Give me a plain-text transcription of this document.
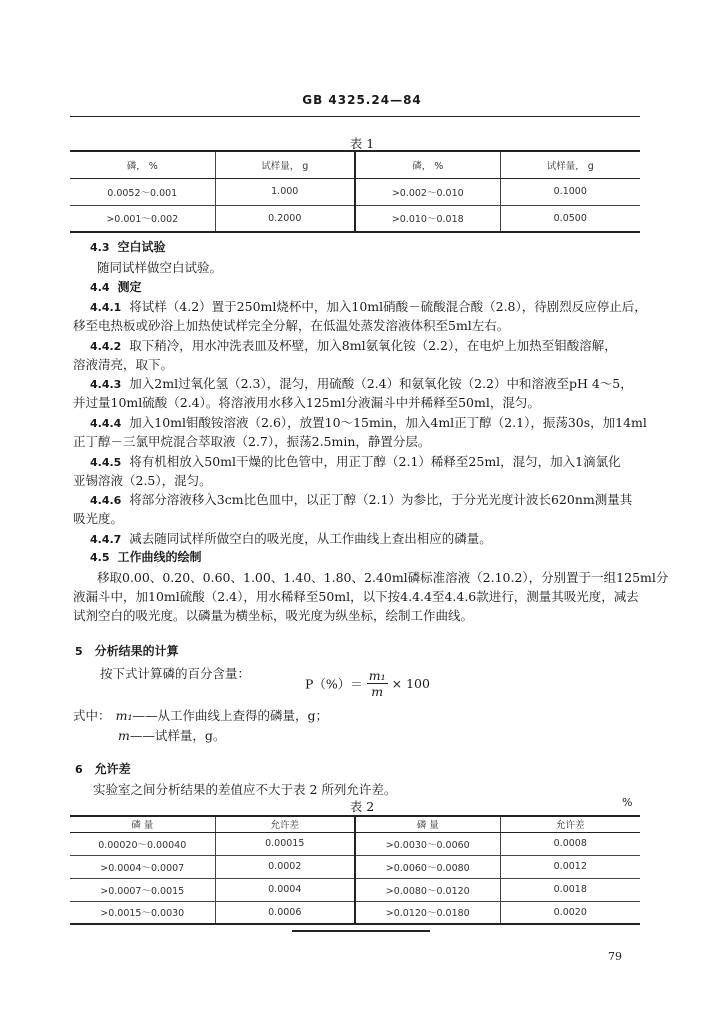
GB 4325.24—84
表 1
磷， %	试样量， g	磷， %	试样量， g
0.0052～0.001	1.000	>0.002～0.010	0.1000
>0.001～0.002	0.2000	>0.010～0.018	0.0500
4.3 空白试验
随同试样做空白试验。
4.4 测定
4.4.1 将试样（4.2）置于250ml烧杯中，加入10ml硝酸－硫酸混合酸（2.8），待剧烈反应停止后，
移至电热板或砂浴上加热使试样完全分解，在低温处蒸发溶液体积至5ml左右。
4.4.2 取下稍冷，用水冲洗表皿及杯壁，加入8ml氨氧化铵（2.2），在电炉上加热至钼酸溶解，
溶液清亮，取下。
4.4.3 加入2ml过氧化氢（2.3），混匀，用硫酸（2.4）和氨氧化铵（2.2）中和溶液至pH 4～5，
并过量10ml硫酸（2.4）。将溶液用水移入125ml分液漏斗中并稀释至50ml，混匀。
4.4.4 加入10ml钼酸铵溶液（2.6），放置10～15min，加入4ml正丁醇（2.1），振荡30s，加14ml
正丁醇－三氯甲烷混合萃取液（2.7），振荡2.5min，静置分层。
4.4.5 将有机相放入50ml干燥的比色管中，用正丁醇（2.1）稀释至25ml，混匀，加入1滴氯化
亚锡溶液（2.5），混匀。
4.4.6 将部分溶液移入3cm比色皿中，以正丁醇（2.1）为参比，于分光光度计波长620nm测量其
吸光度。
4.4.7 减去随同试样所做空白的吸光度，从工作曲线上查出相应的磷量。
4.5 工作曲线的绘制
移取0.00、0.20、0.60、1.00、1.40、1.80、2.40ml磷标准溶液（2.10.2），分别置于一组125ml分
液漏斗中，加10ml硫酸（2.4），用水稀释至50ml，以下按4.4.4至4.4.6款进行，测量其吸光度，减去
试剂空白的吸光度。以磷量为横坐标，吸光度为纵坐标，绘制工作曲线。
5 分析结果的计算
按下式计算磷的百分含量：
$P(\%)= \frac{\text{m₁}}{m} \times 100$
式中： m₁——从工作曲线上查得的磷量，g；
m——试样量，g。
6 允许差
实验室之间分析结果的差值应不大于表 2 所列允许差。
表 2	%
磷 量	允许差	磷 量	允许差
0.00020～0.00040	0.00015	>0.0030～0.0060	0.0008
>0.0004～0.0007	0.0002	>0.0060～0.0080	0.0012
>0.0007～0.0015	0.0004	>0.0080～0.0120	0.0018
>0.0015～0.0030	0.0006	>0.0120～0.0180	0.0020
79
